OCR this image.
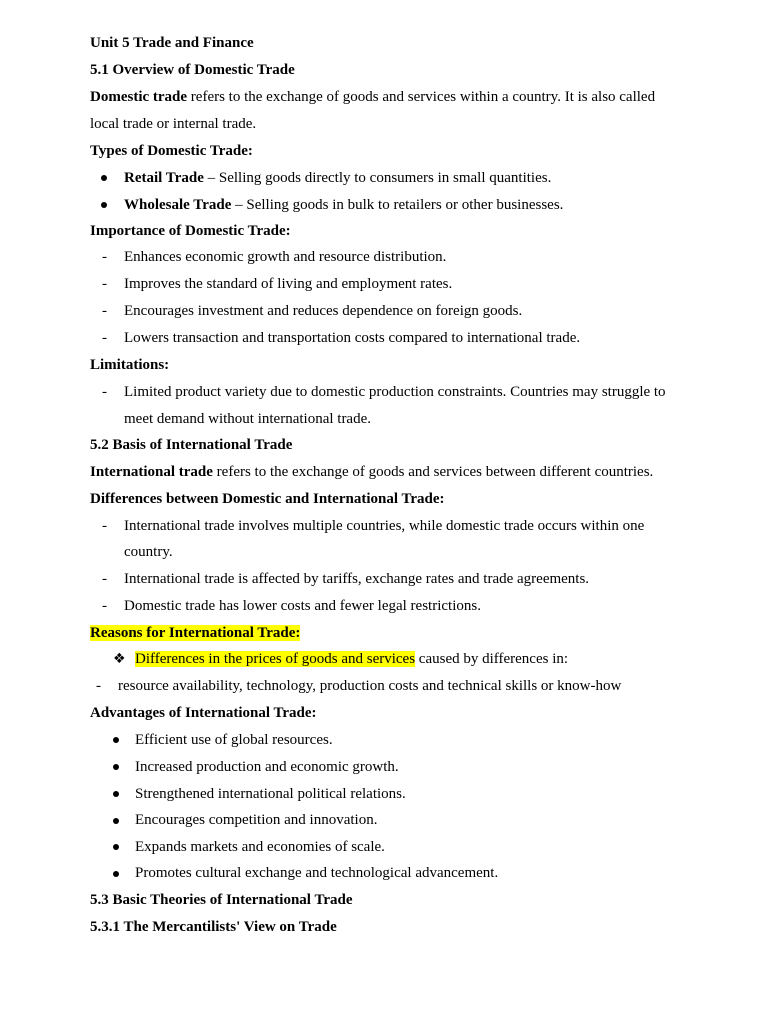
Unit 5 Trade and Finance
5.1 Overview of Domestic Trade
Domestic trade refers to the exchange of goods and services within a country. It is also called
local trade or internal trade.
Types of Domestic Trade:
Retail Trade – Selling goods directly to consumers in small quantities.
Wholesale Trade – Selling goods in bulk to retailers or other businesses.
Importance of Domestic Trade:
- Enhances economic growth and resource distribution.
- Improves the standard of living and employment rates.
- Encourages investment and reduces dependence on foreign goods.
- Lowers transaction and transportation costs compared to international trade.
Limitations:
- Limited product variety due to domestic production constraints. Countries may struggle to
meet demand without international trade.
5.2 Basis of International Trade
International trade refers to the exchange of goods and services between different countries.
Differences between Domestic and International Trade:
- International trade involves multiple countries, while domestic trade occurs within one
country.
- International trade is affected by tariffs, exchange rates and trade agreements.
- Domestic trade has lower costs and fewer legal restrictions.
Reasons for International Trade:
❖ Differences in the prices of goods and services caused by differences in:
- resource availability, technology, production costs and technical skills or know-how
Advantages of International Trade:
Efficient use of global resources.
Increased production and economic growth.
Strengthened international political relations.
Encourages competition and innovation.
Expands markets and economies of scale.
Promotes cultural exchange and technological advancement.
5.3 Basic Theories of International Trade
5.3.1 The Mercantilists' View on Trade
